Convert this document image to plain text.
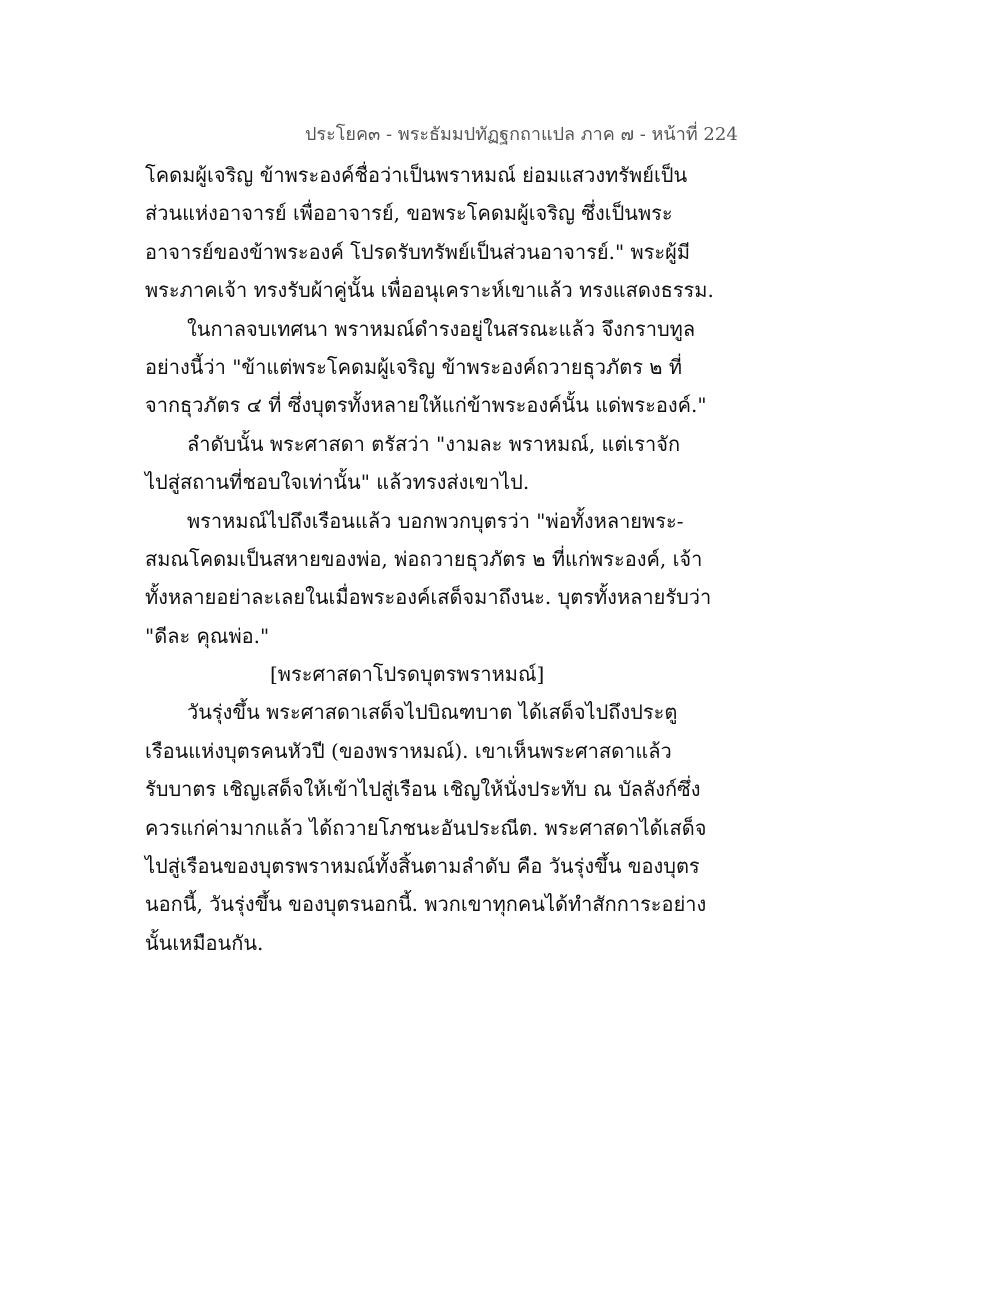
ประโยค๓ - พระธัมมปทัฏฐกถาแปล ภาค ๗ - หน้าที่ 224
โคดมผู้เจริญ ข้าพระองค์ชื่อว่าเป็นพราหมณ์ ย่อมแสวงทรัพย์เป็น
ส่วนแห่งอาจารย์ เพื่ออาจารย์, ขอพระโคดมผู้เจริญ ซึ่งเป็นพระ
อาจารย์ของข้าพระองค์ โปรดรับทรัพย์เป็นส่วนอาจารย์." พระผู้มี
พระภาคเจ้า ทรงรับผ้าคู่นั้น เพื่ออนุเคราะห์เขาแล้ว ทรงแสดงธรรม.
ในกาลจบเทศนา พราหมณ์ดำรงอยู่ในสรณะแล้ว จึงกราบทูล
อย่างนี้ว่า "ข้าแต่พระโคดมผู้เจริญ ข้าพระองค์ถวายธุวภัตร ๒ ที่
จากธุวภัตร ๔ ที่ ซึ่งบุตรทั้งหลายให้แก่ข้าพระองค์นั้น แด่พระองค์."
ลำดับนั้น พระศาสดา ตรัสว่า "งามละ พราหมณ์, แต่เราจัก
ไปสู่สถานที่ชอบใจเท่านั้น" แล้วทรงส่งเขาไป.
พราหมณ์ไปถึงเรือนแล้ว บอกพวกบุตรว่า "พ่อทั้งหลายพระ-
สมณโคดมเป็นสหายของพ่อ, พ่อถวายธุวภัตร ๒ ที่แก่พระองค์, เจ้า
ทั้งหลายอย่าละเลยในเมื่อพระองค์เสด็จมาถึงนะ. บุตรทั้งหลายรับว่า
"ดีละ คุณพ่อ."
[พระศาสดาโปรดบุตรพราหมณ์]
วันรุ่งขึ้น พระศาสดาเสด็จไปบิณฑบาต ได้เสด็จไปถึงประตู
เรือนแห่งบุตรคนหัวปี (ของพราหมณ์). เขาเห็นพระศาสดาแล้ว
รับบาตร เชิญเสด็จให้เข้าไปสู่เรือน เชิญให้นั่งประทับ ณ บัลลังก์ซึ่ง
ควรแก่ค่ามากแล้ว ได้ถวายโภชนะอันประณีต. พระศาสดาได้เสด็จ
ไปสู่เรือนของบุตรพราหมณ์ทั้งสิ้นตามลำดับ คือ วันรุ่งขึ้น ของบุตร
นอกนี้, วันรุ่งขึ้น ของบุตรนอกนี้. พวกเขาทุกคนได้ทำสักการะอย่าง
นั้นเหมือนกัน.
